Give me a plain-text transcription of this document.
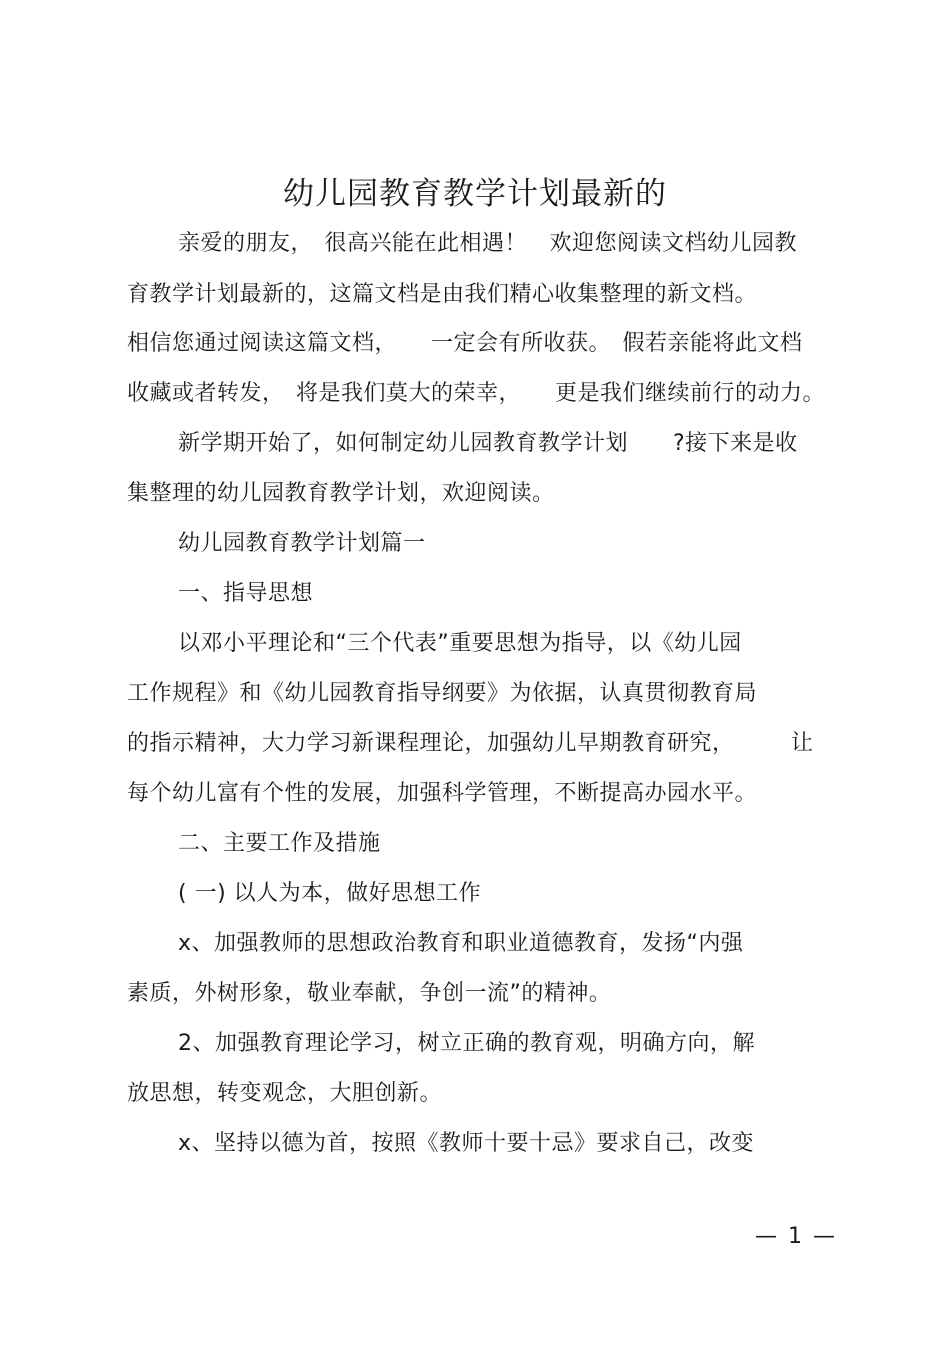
幼儿园教育教学计划最新的
亲爱的朋友，　很高兴能在此相遇！　欢迎您阅读文档幼儿园教
育教学计划最新的，这篇文档是由我们精心收集整理的新文档。
相信您通过阅读这篇文档，　　一定会有所收获。　假若亲能将此文档
收藏或者转发，　将是我们莫大的荣幸，　　更是我们继续前行的动力。
新学期开始了，如何制定幼儿园教育教学计划　　?接下来是收
集整理的幼儿园教育教学计划，欢迎阅读。
幼儿园教育教学计划篇一
一、指导思想
以邓小平理论和“三个代表”重要思想为指导，以《幼儿园
工作规程》和《幼儿园教育指导纲要》为依据，认真贯彻教育局
的指示精神，大力学习新课程理论，加强幼儿早期教育研究，　　　让
每个幼儿富有个性的发展，加强科学管理，不断提高办园水平。
二、主要工作及措施
( 一) 以人为本，做好思想工作
x、加强教师的思想政治教育和职业道德教育，发扬“内强
素质，外树形象，敬业奉献，争创一流”的精神。
2、加强教育理论学习，树立正确的教育观，明确方向，解
放思想，转变观念，大胆创新。
x、坚持以德为首，按照《教师十要十忌》要求自己，改变
— 1 —
